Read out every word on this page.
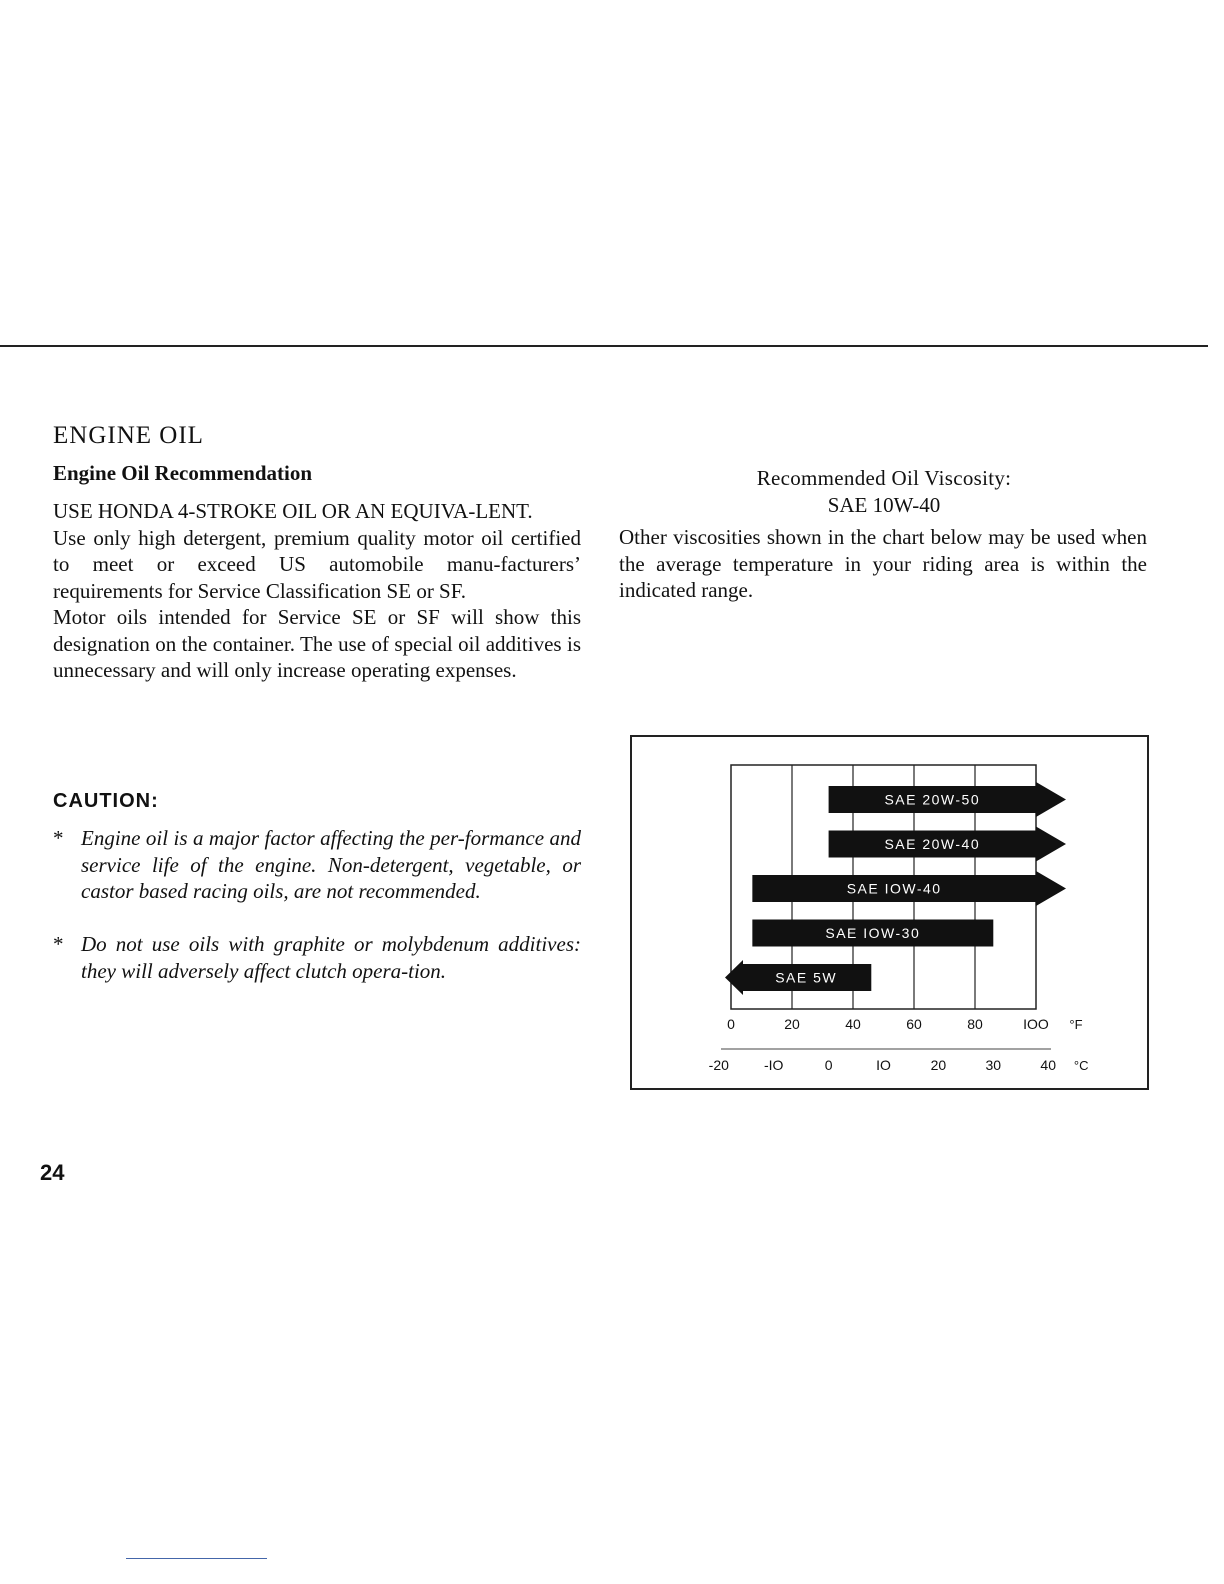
ENGINE OIL
Engine Oil Recommendation

USE HONDA 4-STROKE OIL OR AN EQUIVA-LENT.

Use only high detergent, premium quality motor oil certified to meet or exceed US automobile manu-facturers’ requirements for Service Classification SE or SF.

Motor oils intended for Service SE or SF will show this designation on the container. The use of special oil additives is unnecessary and will only increase operating expenses.

CAUTION:
* Engine oil is a major factor affecting the per-formance and service life of the engine. Non-detergent, vegetable, or castor based racing oils, are not recommended.
* Do not use oils with graphite or molybdenum additives: they will adversely affect clutch opera-tion.
Recommended Oil Viscosity:
SAE 10W-40

Other viscosities shown in the chart below may be used when the average temperature in your riding area is within the indicated range.

SAE 20W-50
SAE 20W-40
SAE IOW-40
SAE IOW-30
SAE 5W
0	20	40	60	80	IOO °F
-20	-IO	0	IO	20	30	40 °C
24
